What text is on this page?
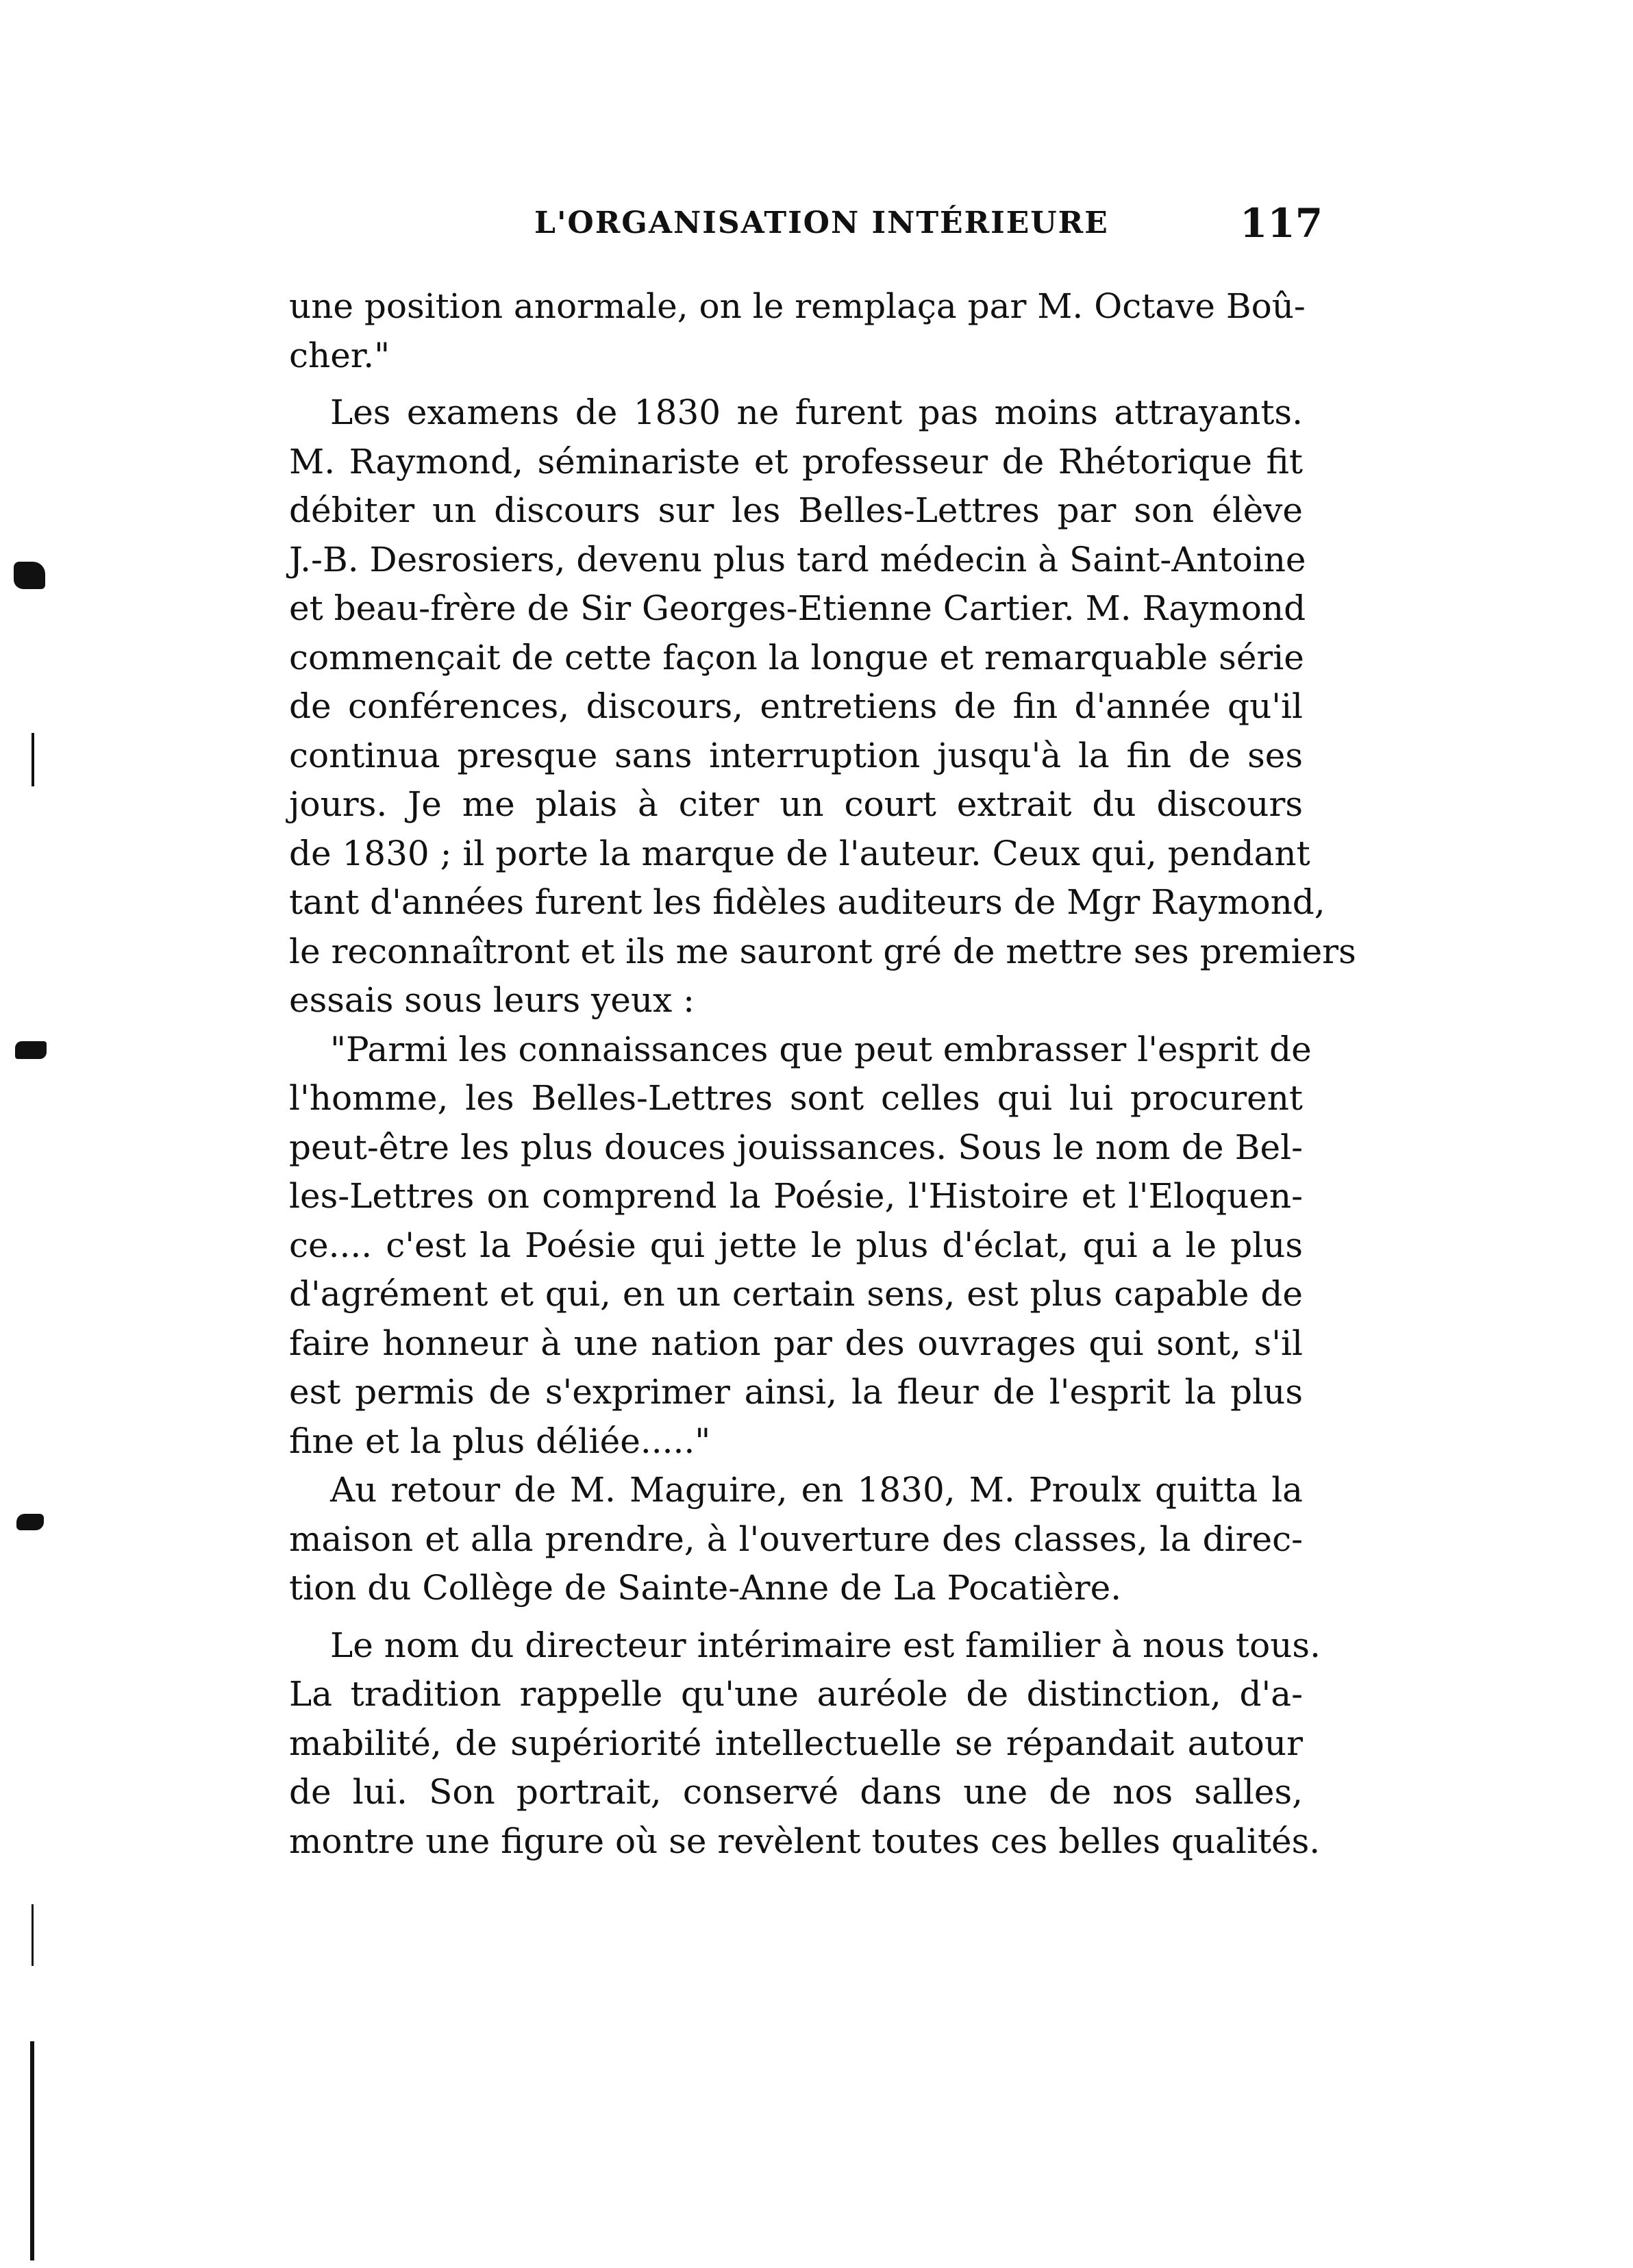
L'ORGANISATION INTÉRIEURE	117
une position anormale, on le remplaça par M. Octave Boû-
cher."
Les examens de 1830 ne furent pas moins attrayants.
M. Raymond, séminariste et professeur de Rhétorique fit
débiter un discours sur les Belles-Lettres par son élève
J.-B. Desrosiers, devenu plus tard médecin à Saint-Antoine
et beau-frère de Sir Georges-Etienne Cartier. M. Raymond
commençait de cette façon la longue et remarquable série
de conférences, discours, entretiens de fin d'année qu'il
continua presque sans interruption jusqu'à la fin de ses
jours. Je me plais à citer un court extrait du discours
de 1830 ; il porte la marque de l'auteur. Ceux qui, pendant
tant d'années furent les fidèles auditeurs de Mgr Raymond,
le reconnaîtront et ils me sauront gré de mettre ses premiers
essais sous leurs yeux :
"Parmi les connaissances que peut embrasser l'esprit de
l'homme, les Belles-Lettres sont celles qui lui procurent
peut-être les plus douces jouissances. Sous le nom de Bel-
les-Lettres on comprend la Poésie, l'Histoire et l'Eloquen-
ce.... c'est la Poésie qui jette le plus d'éclat, qui a le plus
d'agrément et qui, en un certain sens, est plus capable de
faire honneur à une nation par des ouvrages qui sont, s'il
est permis de s'exprimer ainsi, la fleur de l'esprit la plus
fine et la plus déliée....."
Au retour de M. Maguire, en 1830, M. Proulx quitta la
maison et alla prendre, à l'ouverture des classes, la direc-
tion du Collège de Sainte-Anne de La Pocatière.
Le nom du directeur intérimaire est familier à nous tous.
La tradition rappelle qu'une auréole de distinction, d'a-
mabilité, de supériorité intellectuelle se répandait autour
de lui. Son portrait, conservé dans une de nos salles,
montre une figure où se revèlent toutes ces belles qualités.
